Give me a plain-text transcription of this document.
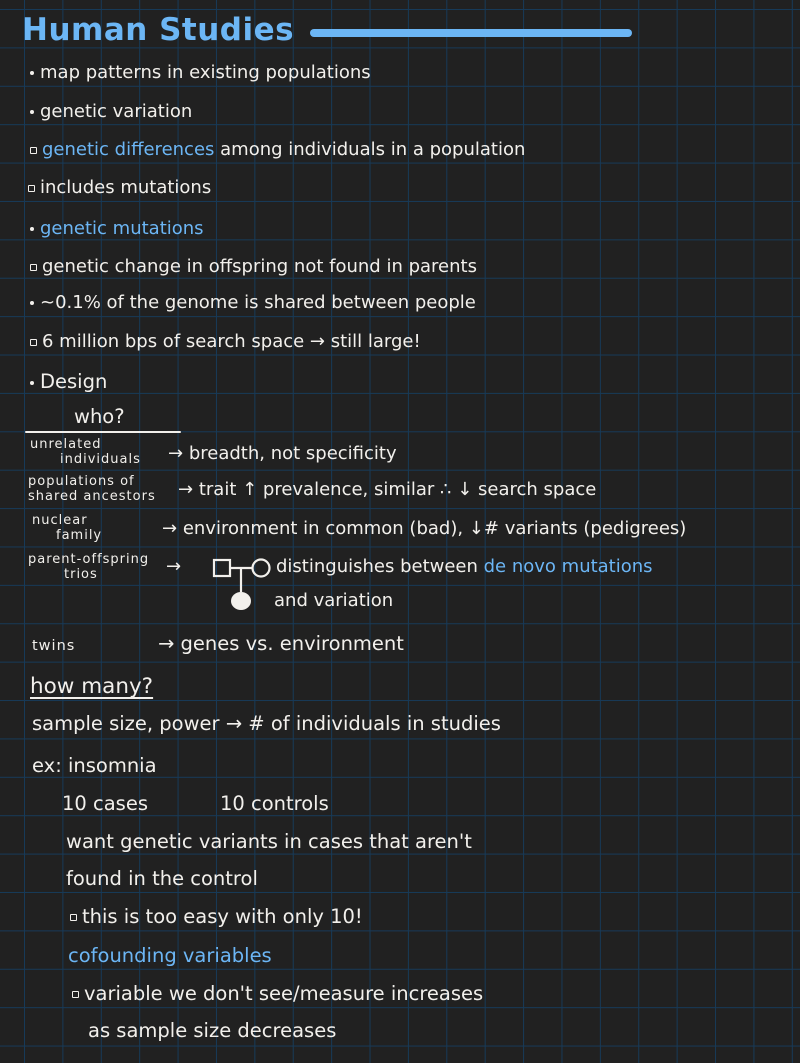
Human Studies
map patterns in existing populations
genetic variation
genetic differences among individuals in a population
includes mutations
genetic mutations
genetic change in offspring not found in parents
~0.1% of the genome is shared between people
6 million bps of search space → still large!
Design
who?
unrelated
individuals → breadth, not specificity
populations of
shared ancestors → trait ↑ prevalence, similar ∴ ↓ search space
nuclear
family	→ environment in common (bad), ↓# variants (pedigrees)
parent-offspring
trios	→	distinguishes between de novo mutations
and variation
twins	→ genes vs. environment
how many?
sample size, power → # of individuals in studies
ex: insomnia
10 cases	10 controls
want genetic variants in cases that aren't
found in the control
this is too easy with only 10!
cofounding variables
variable we don't see/measure increases
as sample size decreases
